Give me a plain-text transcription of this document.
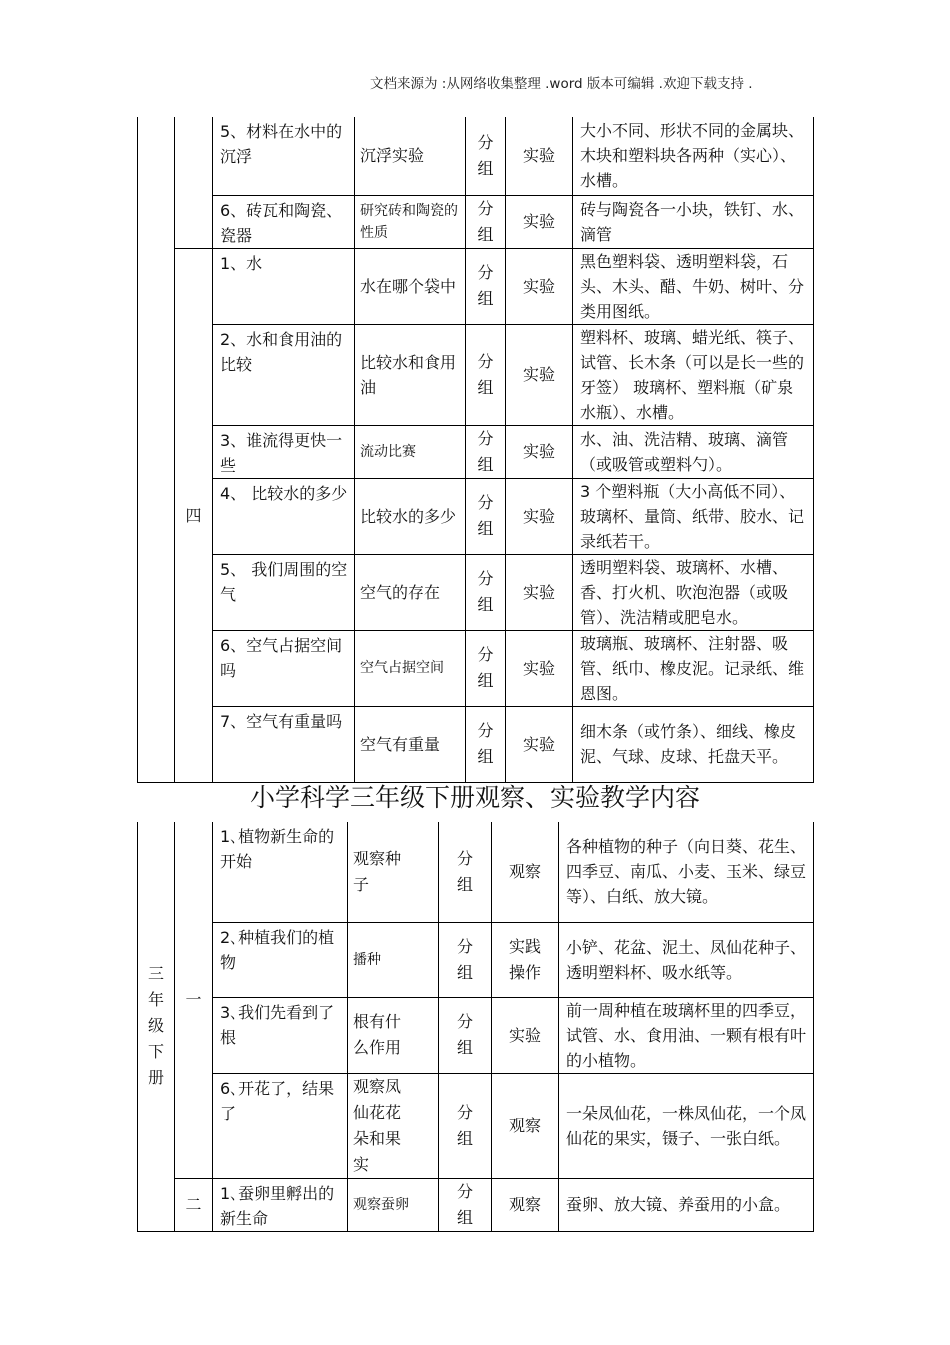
文档来源为 :从网络收集整理 .word 版本可编辑 .欢迎下载支持 .
		5、材料在水中的沉浮	沉浮实验	分组	实验	大小不同、形状不同的金属块、木块和塑料块各两种（实心）、水槽。
		6、砖瓦和陶瓷、瓷器	研究砖和陶瓷的性质	分组	实验	砖与陶瓷各一小块，铁钉、水、滴管
	四	1、水	水在哪个袋中	分组	实验	黑色塑料袋、透明塑料袋，石头、木头、醋、牛奶、树叶、分类用图纸。
		2、水和食用油的比较	比较水和食用油	分组	实验	塑料杯、玻璃、蜡光纸、筷子、试管、长木条（可以是长一些的牙签） 玻璃杯、塑料瓶（矿泉水瓶）、水槽。
		3、谁流得更快一些	流动比赛	分组	实验	水、油、洗洁精、玻璃、滴管（或吸管或塑料勺）。
		4、 比较水的多少	比较水的多少	分组	实验	3 个塑料瓶（大小高低不同）、玻璃杯、量筒、纸带、胶水、记录纸若干。
		5、 我们周围的空气	空气的存在	分组	实验	透明塑料袋、玻璃杯、水槽、香、打火机、吹泡泡器（或吸管）、洗洁精或肥皂水。
		6、空气占据空间吗	空气占据空间	分组	实验	玻璃瓶、玻璃杯、注射器、吸管、纸巾、橡皮泥。记录纸、维恩图。
		7、空气有重量吗	空气有重量	分组	实验	细木条（或竹条）、细线、橡皮泥、气球、皮球、托盘天平。
小学科学三年级下册观察、实验教学内容
三年级下册	一	1､植物新生命的开始	观察种子	分组	观察	各种植物的种子（向日葵、花生、四季豆、南瓜、小麦、玉米、绿豆等）、白纸、放大镜。
		2､种植我们的植物	播种	分组	实践操作	小铲、花盆、泥土、凤仙花种子、透明塑料杯、吸水纸等。
		3､我们先看到了根	根有什么作用	分组	实验	前一周种植在玻璃杯里的四季豆，试管、水、食用油、一颗有根有叶的小植物。
		6､开花了，结果了	观察凤仙花花朵和果实	分组	观察	一朵凤仙花，一株凤仙花，一个凤仙花的果实，镊子、一张白纸。
	二	1､蚕卵里孵出的新生命	观察蚕卵	分组	观察	蚕卵、放大镜、养蚕用的小盒。
